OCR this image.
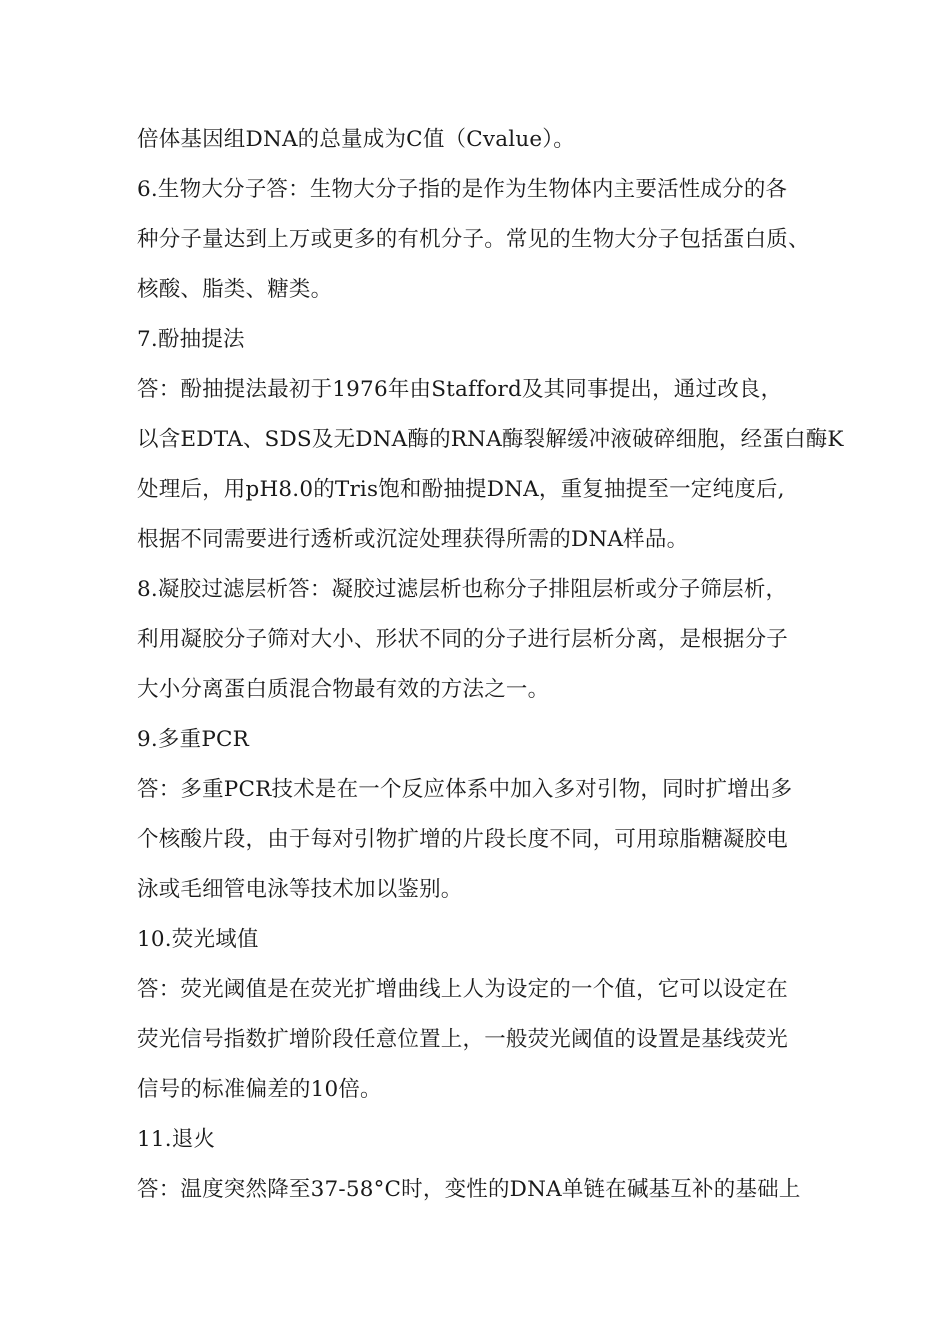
倍体基因组DNA的总量成为C值（Cvalue）。
6.生物大分子答：生物大分子指的是作为生物体内主要活性成分的各
种分子量达到上万或更多的有机分子。常见的生物大分子包括蛋白质、
核酸、脂类、糖类。
7.酚抽提法
答：酚抽提法最初于1976年由Stafford及其同事提出，通过改良，
以含EDTA、SDS及无DNA酶的RNA酶裂解缓冲液破碎细胞，经蛋白酶K
处理后，用pH8.0的Tris饱和酚抽提DNA，重复抽提至一定纯度后,
根据不同需要进行透析或沉淀处理获得所需的DNA样品。
8.凝胶过滤层析答：凝胶过滤层析也称分子排阻层析或分子筛层析，
利用凝胶分子筛对大小、形状不同的分子进行层析分离，是根据分子
大小分离蛋白质混合物最有效的方法之一。
9.多重PCR
答：多重PCR技术是在一个反应体系中加入多对引物，同时扩增出多
个核酸片段，由于每对引物扩增的片段长度不同，可用琼脂糖凝胶电
泳或毛细管电泳等技术加以鉴别。
10.荧光域值
答：荧光阈值是在荧光扩增曲线上人为设定的一个值，它可以设定在
荧光信号指数扩增阶段任意位置上，一般荧光阈值的设置是基线荧光
信号的标准偏差的10倍。
11.退火
答：温度突然降至37-58°C时，变性的DNA单链在碱基互补的基础上
